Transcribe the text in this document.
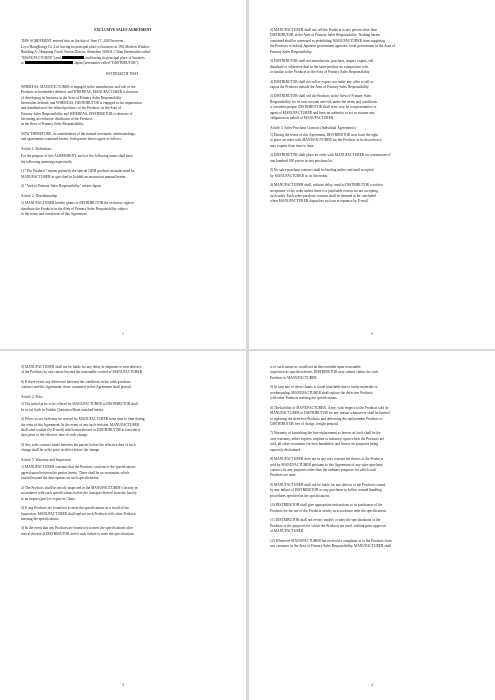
EXCLUSIVE SALES AGREEMENT

THIS AGREEMENT entered into on the day of June 17, 2020 between
Leyi (HongKong) Co.,Ltd, having its principal place of business at 19G,Modern Window
Building A , Huaqiang North, Futian District, Shenzhen 518031, China (hereinafter called
"MANUFACTURER") and	, and having its principal place of business
at	, Japan (hereinafter called "DISTRIBUTOR").

WITNESSETH THAT :

WHEREAS, MANUFACTURER is engaged in the manufacture and sale of the
Products as hereinafter defined, and WHEREAS, MANUFACTURER is desirous
of developing its business in the Area of Primary Sales Responsibility
hereinafter defined, and WHEREAS, DISTRIBUTOR is engaged in the importation
and distribution of the related products of the Products, in the Area of
Primary Sales Responsibility and WHEREAS, DISTRIBUTOR is desirous of
becoming an exclusive distributor of the Products
in the Area of Primary Sales Responsibility.

NOW THEREFORE, in consideration of the mutual covenants, understandings,
and agreements contained herein, both parties hereto agree as follows :

Article 1. Definitions

For the purpose of this AGREEMENT, each of the following terms shall have
the following meaning respectively.

1) "The Products" means primarily the special OEM products manufactured by
MANUFACTURER as specified in Exhibit an instruction manual herein.

2) "Area of Primary Sales Responsibility" means Japan.

Article 2. Distributorship

1) MANUFACTURER hereby grants to DISTRIBUTOR the exclusive right to
distribute the Products in the Area of Primary Sales Responsibility subject
to the terms and conditions of this Agreement.

1

2) MANUFACTURER shall not sell the Products to any person other than
DISTRIBUTOR in the Area of Primary Sales Responsibility. Nothing herein
contained shall be construed as prohibiting MANUFACTURER from supplying
the Products to federal Japanese government agencies, local government in the Area of
Primary Sales Responsibility.

3) DISTRIBUTOR shall not manufacture, purchase, import, export, sell,
distribute or otherwise deal in the same product as, competitive with
or similar to the Products in the Area of Primary Sales Responsibility.

4) DISTRIBUTOR shall not sell or export, nor make any offer to sell or
export the Products outside the Area of Primary Sales Responsibility.

5) DISTRIBUTOR shall sell the Products in the Area of Primary Sales
Responsibility for its own account and risk under the terms and conditions
it considers proper. DISTRIBUTOR shall in no way be a representative or
agent of MANUFACTURER and have no authority to act or assume any
obligation on behalf of MANUFACTURER.

Article 3. Sales-Purchase Contract (Individual Agreements)

1) During the terms of this Agreement, DISTRIBUTOR may have the right
to place an order with MANUFACTURER for the Products in its discretion it
may require from time to time.

2) DISTRIBUTOR shall place an order with MANUFACTURER for a minimum of
one hundred 100 pieces in one purchase lot.

3) No sales-purchase contract shall be binding unless and until accepted
by MANUFACTURER as its discretion.

4) MANUFACTURER shall, without delay, send to DISTRIBUTOR a written
acceptance of the order unless there is a justifiable reason for not accepting
such order. Each sales-purchase contract shall be deemed to be concluded
when MANUFACTURER dispatches such an acceptance by E-mail.

2

5) MANUFACTURER shall not be liable for any delay in shipment or non-delivery
of the Products by any causes beyond the reasonable control of MANUFACTURER.

6) If there exists any difference between the conditions in the sales-purchase
contract and this Agreement, those contained in this Agreement shall prevail.

Article 4. Price

1) The initial price to be offered by MANUFACTURER to DISTRIBUTOR shall
be as set forth in Exhibit Quotation Sheet attached hereto.

2) Prices so set forth may be revised by MANUFACTURER from time to time during
the term of this Agreement. In the event of any such revision, MANUFACTURER
shall send written (by E-mail) notification thereof to DISTRIBUTOR at least thirty
days prior to the effective date of such change.

3) Any sales contract made between the parties before the effective date of such
change shall be at the price in effect before the change.

Article 5. Warranty and Inspection

1) MANUFACTURER warrants that the Products conform to the specifications
agreed upon between the parties hereto. There shall be no warranties which
extend beyond the descriptions on such specifications.

2) The Products shall be strictly inspected in the MANUFACTURER's factory in
accordance with such specifications before the transport thereof from the factory
to an airport (port) of export in China.

3) If any Products are found not to meet the specifications as a result of the
inspection, MANUFACTURER shall replace such Products with other Products
meeting the specifications.

4) In the event that any Products are found not to meet the specifications after
arrival thereof at DISTRIBUTOR and if such failure to meet the specifications

3

is of such nature as would not be discoverable upon reasonable
inspection as specified above, DISTRIBUTOR may submit claims for such
Products to MANUFACTURER.

5) In case any of those claims is found justifiable due to faulty materials or
workmanship, MANUFACTURER shall replace the defective Products
with other Products meeting the specifications.

6) The liability of MANUFACTURER, if any, with respect to the Products sold by
MANUFACTURER to DISTRIBUTOR for any reason whatsoever shall be limited
to replacing the defective Products and delivering the replacement Products to
DISTRIBUTOR free of charge, freight prepaid.

7) Warranty of furnishing the free replacement as herein set forth shall be the
only warranty, either express, implied or statutory, upon which the Products are
sold, all other warranties for merchantability and fitness for purposes being
expressly disclaimed.

8) MANUFACTURER does not in any way warrant the fitness of the Products
sold by MANUFACTURER pursuant to this Agreement of any sales-purchase
contract for any purposes other than the ordinary purposes for which such
Products are used.

9) MANUFACTURER shall not be liable for any defects of the Products caused
by any failure of DISTRIBUTOR or any purchaser to follow normal handling
procedures specified in the specifications.

10) DISTRIBUTOR shall give appropriate instructions to its purchasers of the
Products for the use of the Products strictly in accordance with the specifications.

11) DISTRIBUTOR shall not revise, modify or alter the specifications of the
Products or the purposes for which the Products are used, without prior approval
of MANUFACTURER.

12) Whenever MANUFACTURER has received a complaint as to the Products from
any customer in the Area of Primary Sales Responsibility, MANUFACTURER shall

4
